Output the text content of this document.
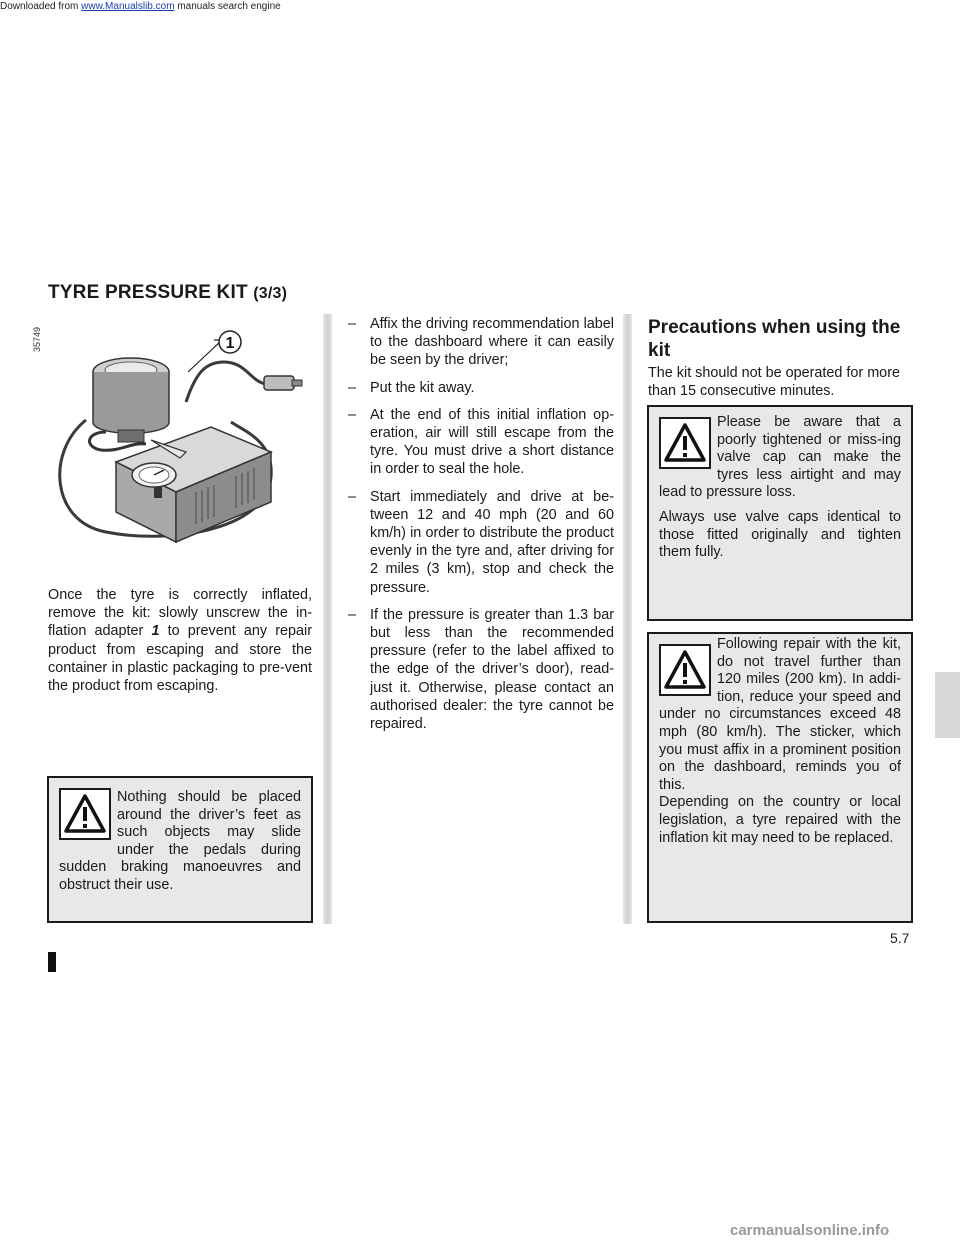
Downloaded from www.Manualslib.com manuals search engine
TYRE PRESSURE KIT (3/3)
35749	1
Once the tyre is correctly inflated, remove the kit: slowly unscrew the in-flation adapter 1 to prevent any repair product from escaping and store the container in plastic packaging to pre-vent the product from escaping.
Nothing should be placed around the driver’s feet as such objects may slide under the pedals during sudden braking manoeuvres and obstruct their use.
– Affix the driving recommendation label to the dashboard where it can easily be seen by the driver;
– Put the kit away.
– At the end of this initial inflation op-eration, air will still escape from the tyre. You must drive a short distance in order to seal the hole.
– Start immediately and drive at be-tween 12 and 40 mph (20 and 60 km/h) in order to distribute the product evenly in the tyre and, after driving for 2 miles (3 km), stop and check the pressure.
– If the pressure is greater than 1.3 bar but less than the recommended pressure (refer to the label affixed to the edge of the driver’s door), read-just it. Otherwise, please contact an authorised dealer: the tyre cannot be repaired.
Precautions when using the kit
The kit should not be operated for more than 15 consecutive minutes.
Please be aware that a poorly tightened or miss-ing valve cap can make the tyres less airtight and may lead to pressure loss.
Always use valve caps identical to those fitted originally and tighten them fully.
Following repair with the kit, do not travel further than 120 miles (200 km). In addi-tion, reduce your speed and under no circumstances exceed 48 mph (80 km/h). The sticker, which you must affix in a prominent position on the dashboard, reminds you of this.
Depending on the country or local legislation, a tyre repaired with the inflation kit may need to be replaced.
5.7
carmanualsonline.info
